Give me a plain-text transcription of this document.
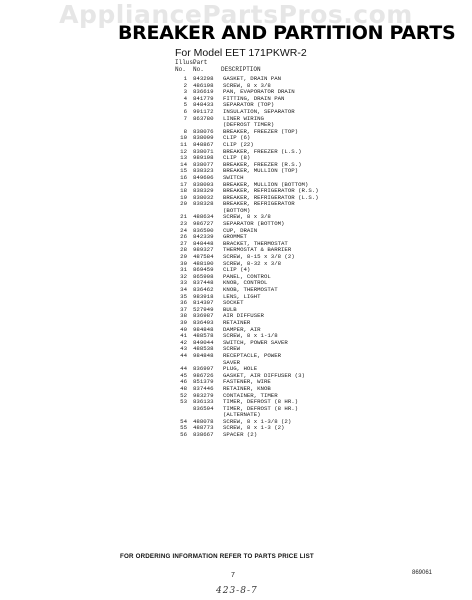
AppliancePartsPros.com
BREAKER AND PARTITION PARTS
For Model EET 171PKWR-2
Illus.Part
No. No.	DESCRIPTION
1	843298	GASKET, DRAIN PAN
2	486198	SCREW, 8 x 3/8
3	836619	PAN, EVAPORATOR DRAIN
4	841779	FITTING, DRAIN PAN
5	848433	SEPARATOR (TOP)
6	991172	INSULATION, SEPARATOR
7	863780	LINER WIRING
(DEFROST TIMER)
8	838076	BREAKER, FREEZER (TOP)
10	838099	CLIP (6)
11	848867	CLIP (22)
12	838071	BREAKER, FREEZER (L.S.)
13	989198	CLIP (8)
14	838077	BREAKER, FREEZER (R.S.)
15	838323	BREAKER, MULLION (TOP)
16	849606	SWITCH
17	838003	BREAKER, MULLION (BOTTOM)
18	838329	BREAKER, REFRIGERATOR (R.S.)
19	838032	BREAKER, REFRIGERATOR (L.S.)
20	838328	BREAKER, REFRIGERATOR
(BOTTOM)
21	488634	SCREW, 8 x 3/8
23	986727	SEPARATOR (BOTTOM)
24	836590	CUP, DRAIN
26	842339	GROMMET
27	848448	BRACKET, THERMOSTAT
28	989327	THERMOSTAT & BARRIER
29	487584	SCREW, 8-15 x 3/8 (2)
30	488100	SCREW, 8-32 x 3/8
31	869459	CLIP (4)
32	865908	PANEL, CONTROL
33	837448	KNOB, CONTROL
34	836462	KNOB, THERMOSTAT
35	983918	LENS, LIGHT
36	814307	SOCKET
37	527949	BULB
38	836987	AIR DIFFUSER
39	836493	RETAINER
40	984848	DAMPER, AIR
41	488578	SCREW, 8 x 1-1/8
42	849044	SWITCH, POWER SAVER
43	488538	SCREW
44	984848	RECEPTACLE, POWER
SAVER
44	836997	PLUG, HOLE
45	986726	GASKET, AIR DIFFUSER (3)
46	851379	FASTENER, WIRE
48	837446	RETAINER, KNOB
52	983279	CONTAINER, TIMER
53	836133	TIMER, DEFROST (8 HR.)
836594	TIMER, DEFROST (8 HR.)
(ALTERNATE)
54	488078	SCREW, 8 x 1-3/8 (2)
55	488773	SCREW, 8 x 1-3 (2)
56	838667	SPACER (2)
FOR ORDERING INFORMATION REFER TO PARTS PRICE LIST
7	869061
423-8-7
